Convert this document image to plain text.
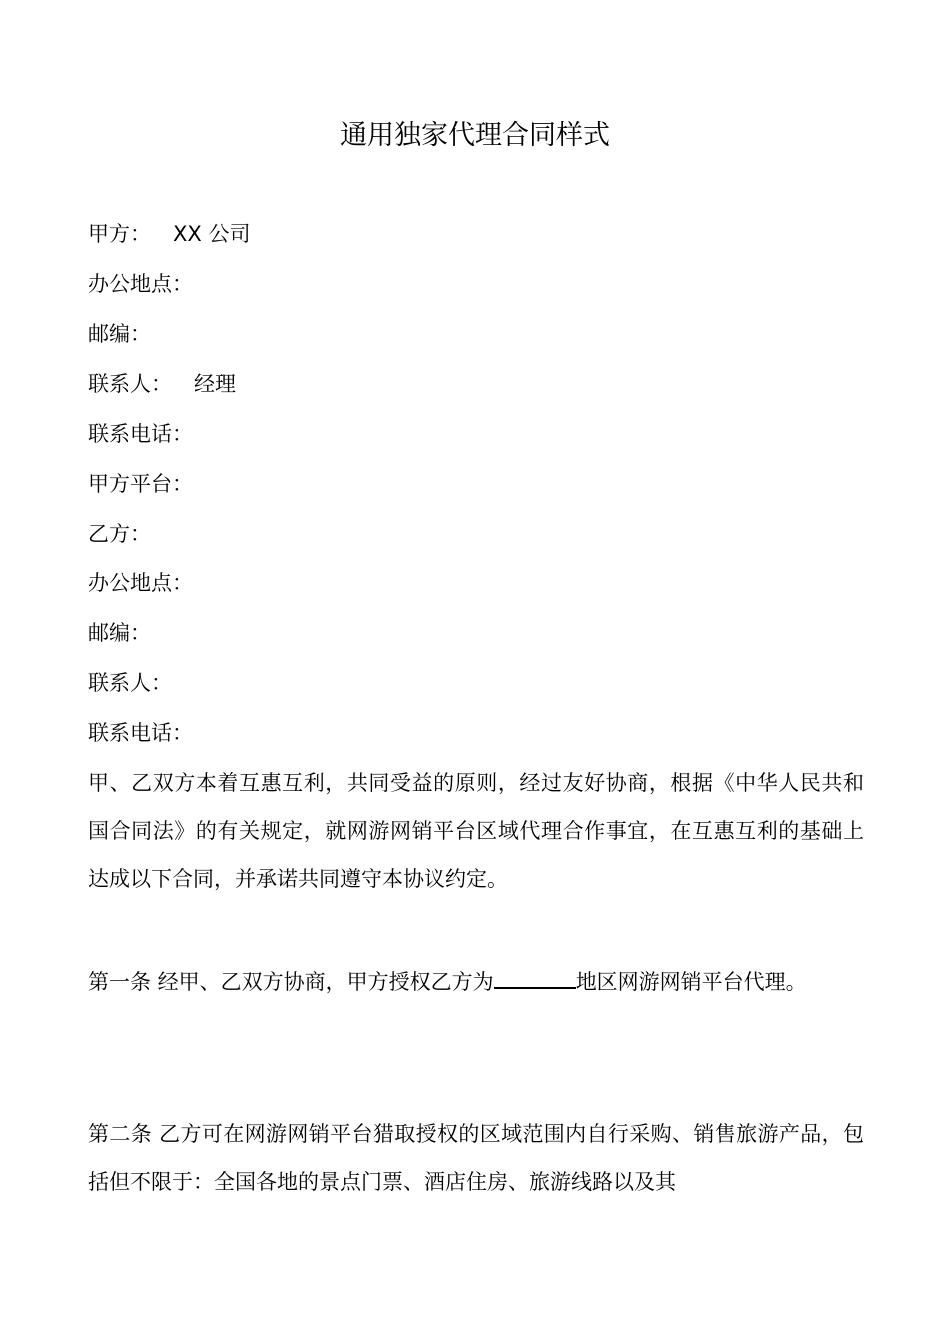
通用独家代理合同样式
甲方： XX 公司
办公地点：
邮编：
联系人： 经理
联系电话：
甲方平台：
乙方：
办公地点：
邮编：
联系人：
联系电话：
甲、乙双方本着互惠互利，共同受益的原则，经过友好协商，根据《中华人民共和国合同法》的有关规定，就网游网销平台区域代理合作事宜，在互惠互利的基础上达成以下合同，并承诺共同遵守本协议约定。
第一条 经甲、乙双方协商，甲方授权乙方为	地区网游网销平台代理。
第二条 乙方可在网游网销平台猎取授权的区域范围内自行采购、销售旅游产品，包括但不限于：全国各地的景点门票、酒店住房、旅游线路以及其
